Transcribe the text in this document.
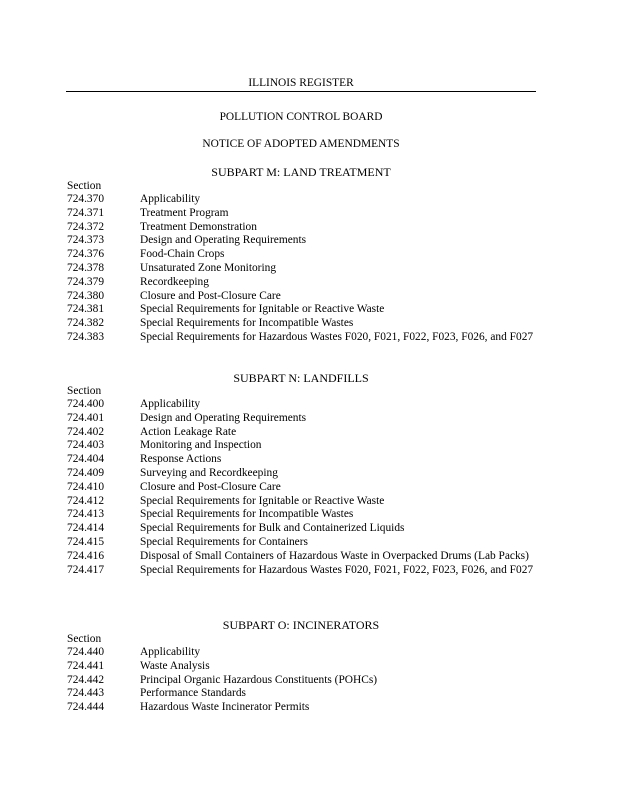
ILLINOIS REGISTER
POLLUTION CONTROL BOARD
NOTICE OF ADOPTED AMENDMENTS
SUBPART M: LAND TREATMENT
Section
724.370	Applicability
724.371	Treatment Program
724.372	Treatment Demonstration
724.373	Design and Operating Requirements
724.376	Food-Chain Crops
724.378	Unsaturated Zone Monitoring
724.379	Recordkeeping
724.380	Closure and Post-Closure Care
724.381	Special Requirements for Ignitable or Reactive Waste
724.382	Special Requirements for Incompatible Wastes
724.383	Special Requirements for Hazardous Wastes F020, F021, F022, F023, F026, and F027
SUBPART N: LANDFILLS
Section
724.400	Applicability
724.401	Design and Operating Requirements
724.402	Action Leakage Rate
724.403	Monitoring and Inspection
724.404	Response Actions
724.409	Surveying and Recordkeeping
724.410	Closure and Post-Closure Care
724.412	Special Requirements for Ignitable or Reactive Waste
724.413	Special Requirements for Incompatible Wastes
724.414	Special Requirements for Bulk and Containerized Liquids
724.415	Special Requirements for Containers
724.416	Disposal of Small Containers of Hazardous Waste in Overpacked Drums (Lab Packs)
724.417	Special Requirements for Hazardous Wastes F020, F021, F022, F023, F026, and F027
SUBPART O: INCINERATORS
Section
724.440	Applicability
724.441	Waste Analysis
724.442	Principal Organic Hazardous Constituents (POHCs)
724.443	Performance Standards
724.444	Hazardous Waste Incinerator Permits
